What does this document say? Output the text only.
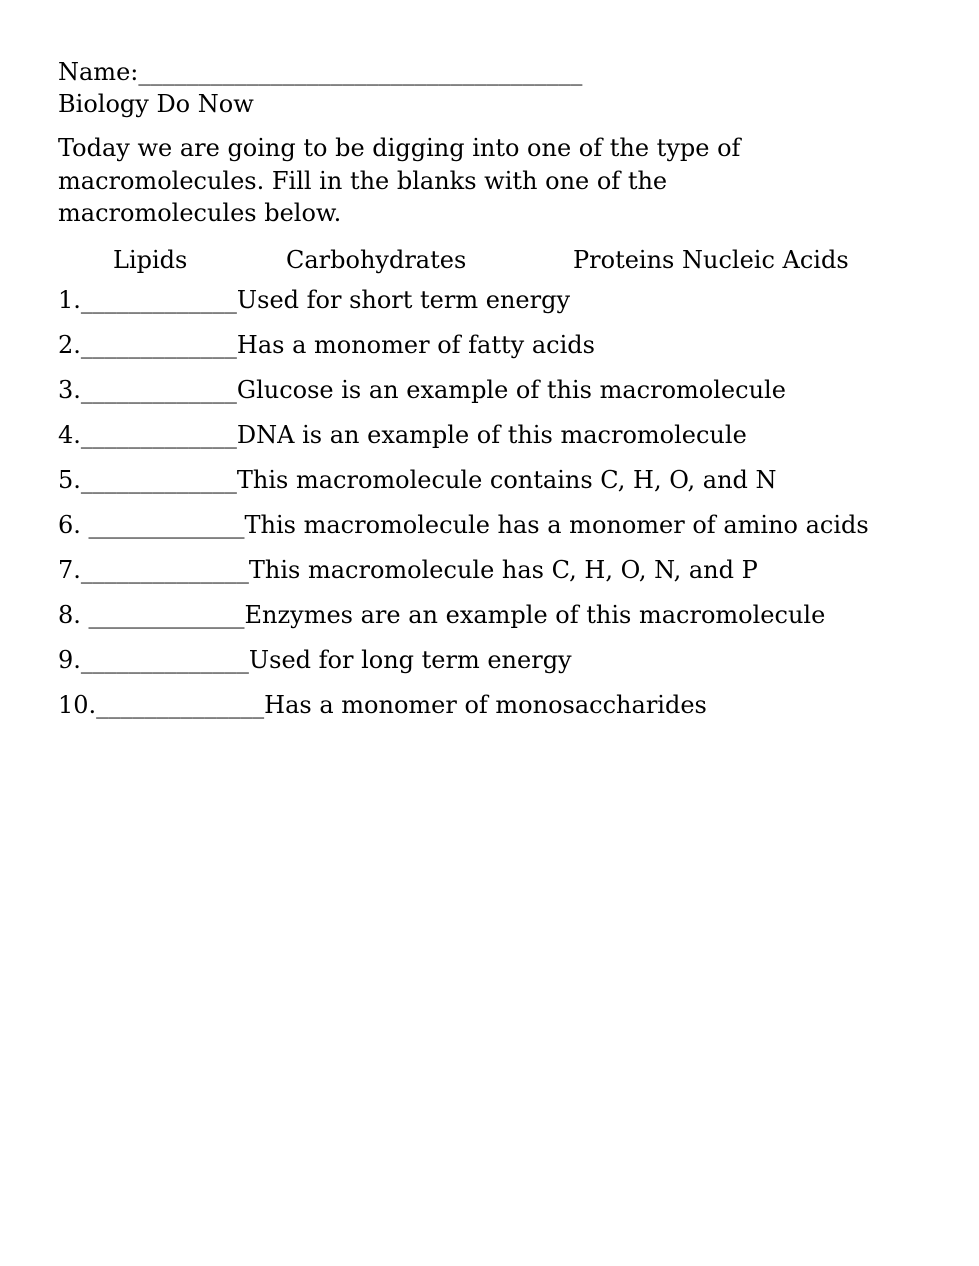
Name:_____________________________________
Biology Do Now
Today we are going to be digging into one of the type of macromolecules. Fill in the blanks with one of the macromolecules below.
Lipids	Carbohydrates	Proteins Nucleic Acids
1._____________Used for short term energy
2._____________Has a monomer of fatty acids
3._____________Glucose is an example of this macromolecule
4._____________DNA is an example of this macromolecule
5._____________This macromolecule contains C, H, O, and N
6. _____________This macromolecule has a monomer of amino acids
7.______________This macromolecule has C, H, O, N, and P
8. _____________Enzymes are an example of this macromolecule
9.______________Used for long term energy
10.______________Has a monomer of monosaccharides
